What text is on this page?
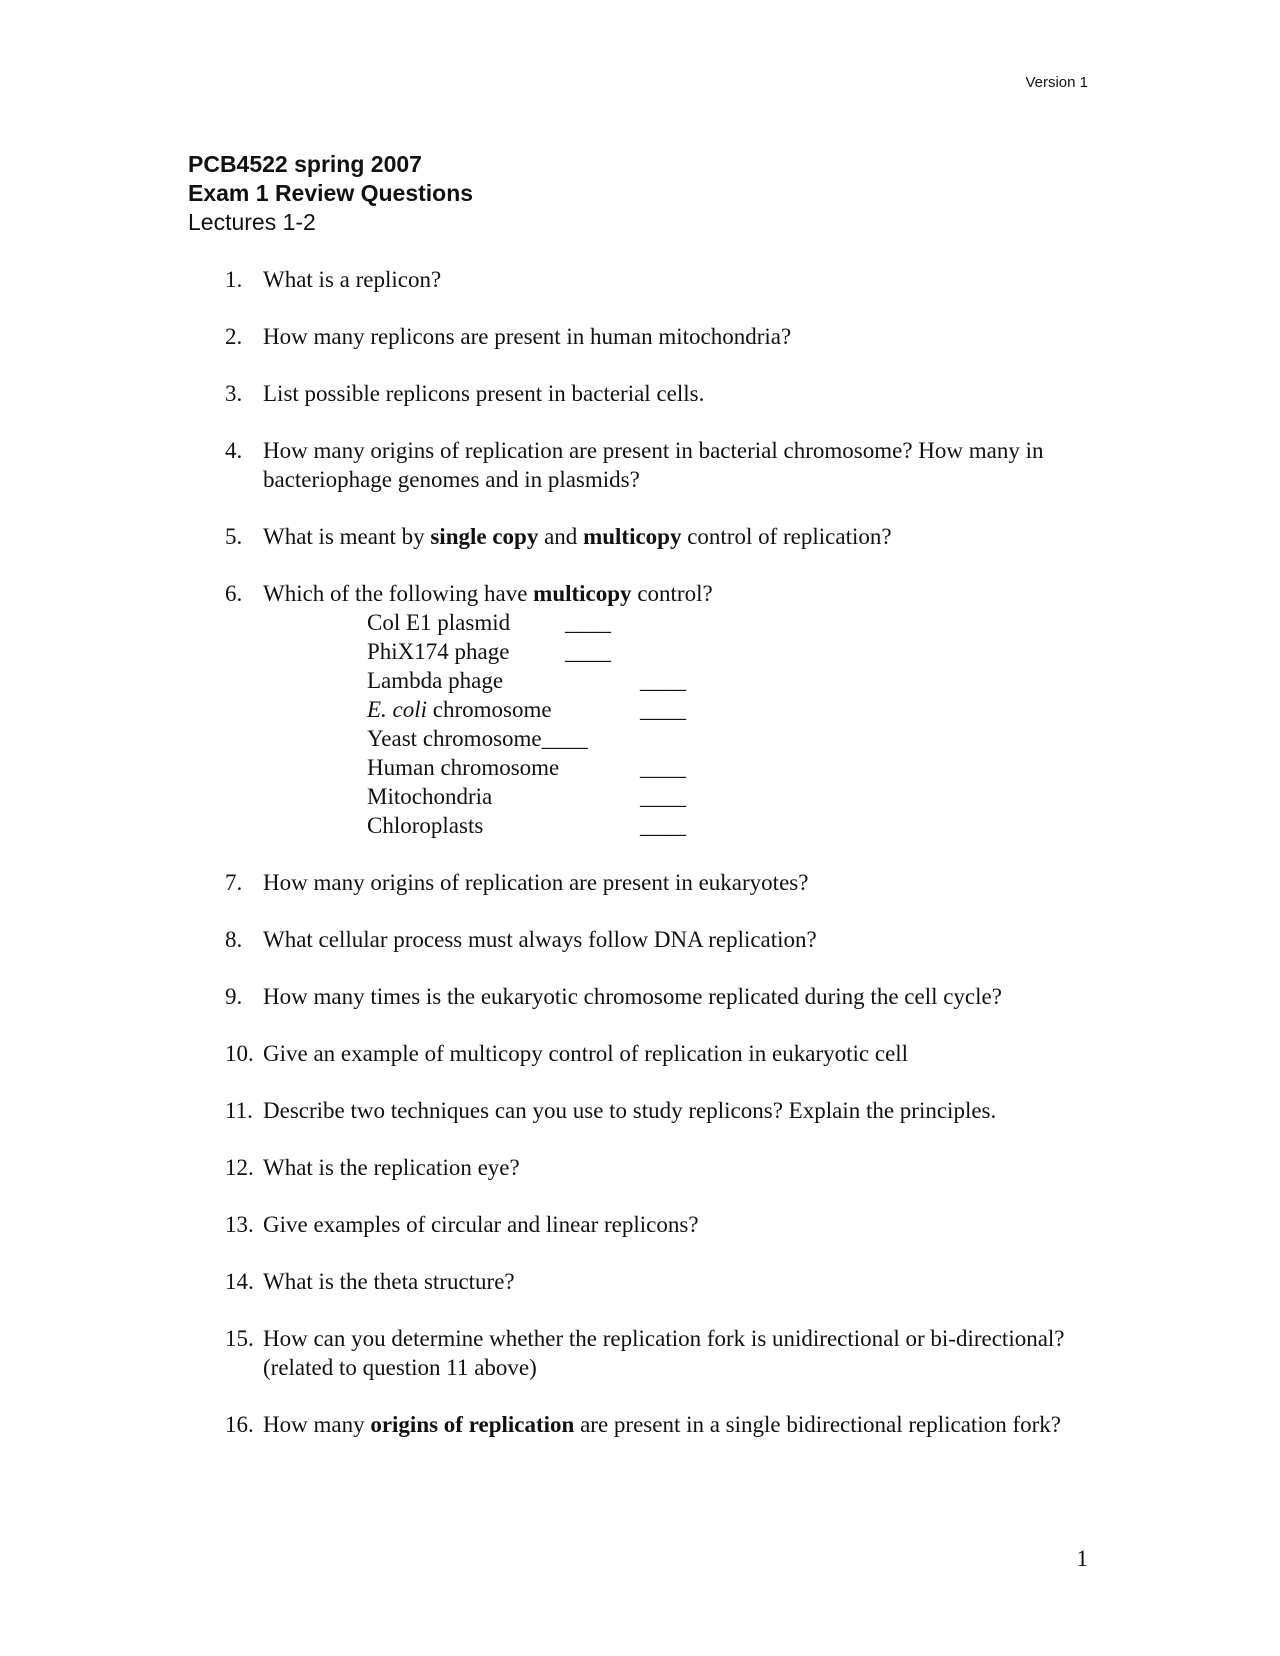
Version 1
PCB4522 spring 2007
Exam 1 Review Questions
Lectures 1-2
1. What is a replicon?
2. How many replicons are present in human mitochondria?
3. List possible replicons present in bacterial cells.
4. How many origins of replication are present in bacterial chromosome? How many in bacteriophage genomes and in plasmids?
5. What is meant by single copy and multicopy control of replication?
6. Which of the following have multicopy control?
Col E1 plasmid ____
PhiX174 phage ____
Lambda phage	____
E. coli chromosome	____
Yeast chromosome____
Human chromosome	____
Mitochondria	____
Chloroplasts	____
7. How many origins of replication are present in eukaryotes?
8. What cellular process must always follow DNA replication?
9. How many times is the eukaryotic chromosome replicated during the cell cycle?
10. Give an example of multicopy control of replication in eukaryotic cell
11. Describe two techniques can you use to study replicons? Explain the principles.
12. What is the replication eye?
13. Give examples of circular and linear replicons?
14. What is the theta structure?
15. How can you determine whether the replication fork is unidirectional or bi-directional? (related to question 11 above)
16. How many origins of replication are present in a single bidirectional replication fork?
1
